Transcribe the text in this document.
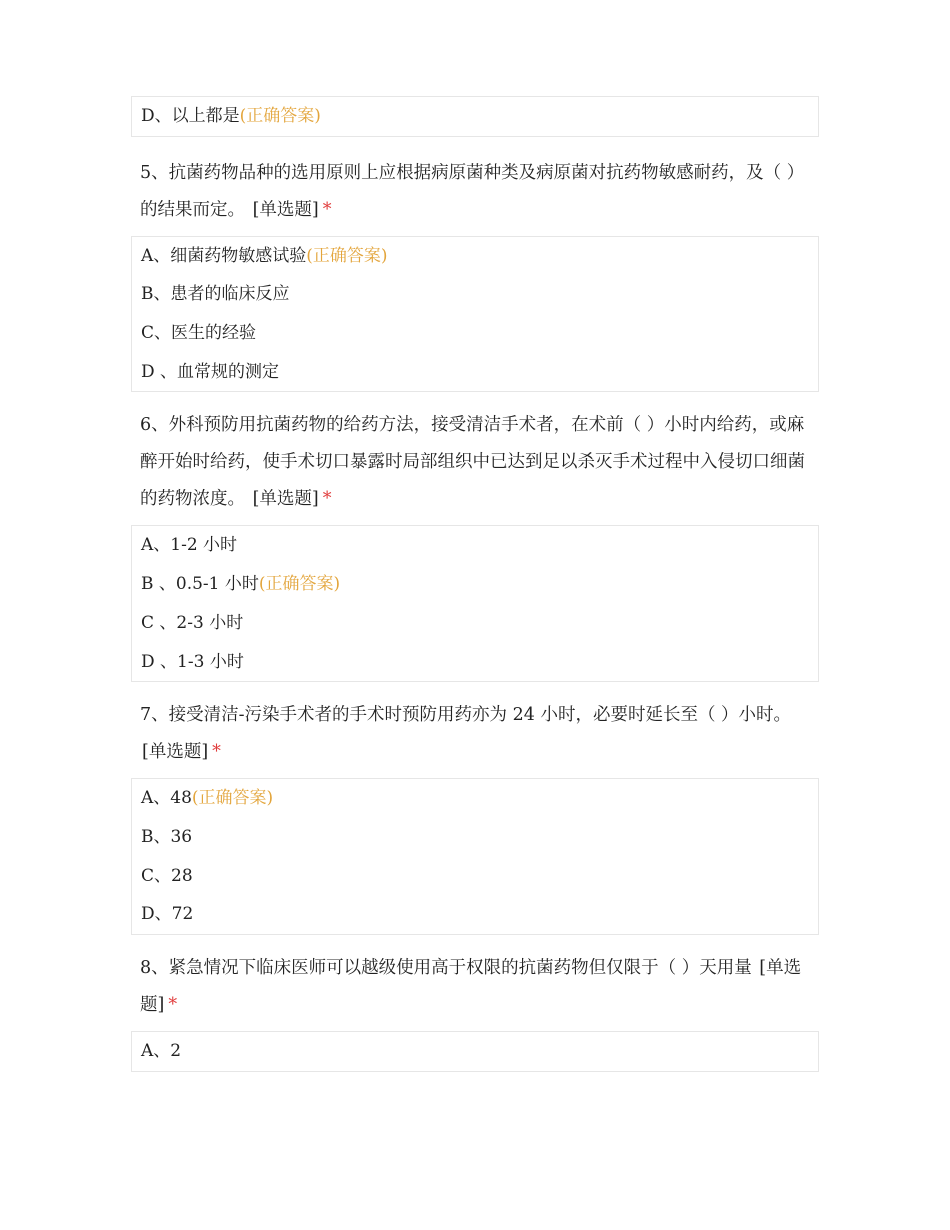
D、以上都是(正确答案)
5、抗菌药物品种的选用原则上应根据病原菌种类及病原菌对抗药物敏感耐药，及（ ）的结果而定。 [单选题] *
A、细菌药物敏感试验(正确答案)
B、患者的临床反应
C、医生的经验
D 、血常规的测定
6、外科预防用抗菌药物的给药方法，接受清洁手术者，在术前（ ）小时内给药，或麻醉开始时给药，使手术切口暴露时局部组织中已达到足以杀灭手术过程中入侵切口细菌的药物浓度。 [单选题] *
A、1-2 小时
B 、0.5-1 小时(正确答案)
C 、2-3 小时
D 、1-3 小时
7、接受清洁-污染手术者的手术时预防用药亦为 24 小时，必要时延长至（ ）小时。 [单选题] *
A、48(正确答案)
B、36
C、28
D、72
8、紧急情况下临床医师可以越级使用高于权限的抗菌药物但仅限于（ ）天用量 [单选题] *
A、2
